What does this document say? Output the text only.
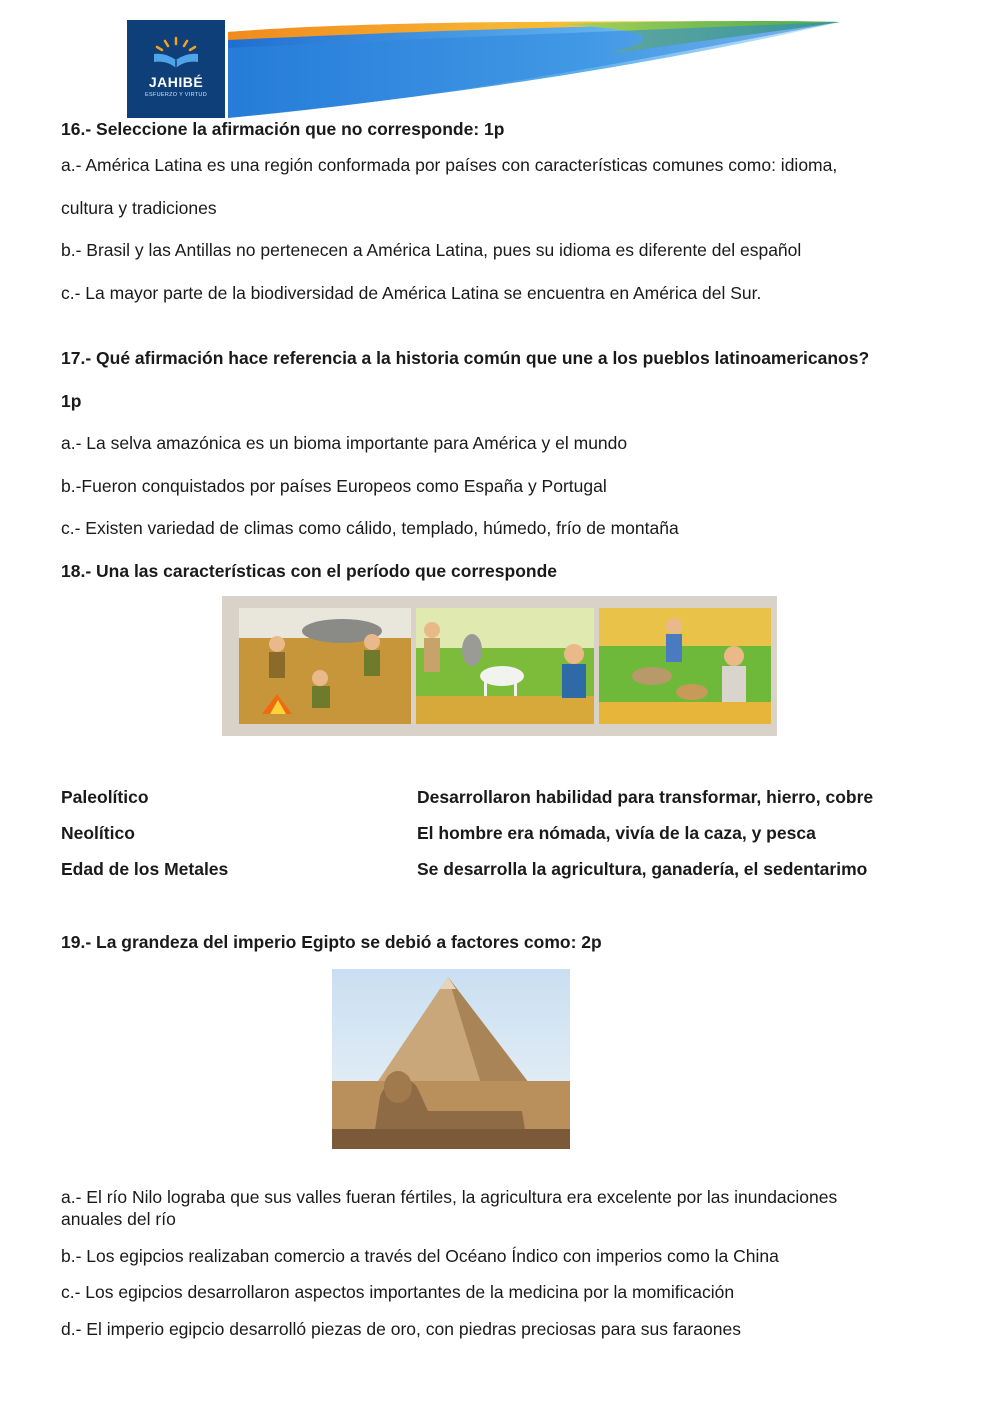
JAHIBÉ
ESFUERZO Y VIRTUD
16.- Seleccione la afirmación que no corresponde: 1p
a.- América Latina es una región conformada por países con características comunes como: idioma,
cultura y tradiciones
b.- Brasil y las Antillas no pertenecen a América Latina, pues su idioma es diferente del español
c.- La mayor parte de la biodiversidad de América Latina se encuentra en América del Sur.
17.- Qué afirmación hace referencia a la historia común que une a los pueblos latinoamericanos?
1p
a.- La selva amazónica es un bioma importante para América y el mundo
b.-Fueron conquistados por países Europeos como España y Portugal
c.- Existen variedad de climas como cálido, templado, húmedo, frío de montaña
18.- Una las características con el período que corresponde
Paleolítico
Neolítico
Edad de los Metales
Desarrollaron habilidad para transformar, hierro, cobre
El hombre era nómada, vivía de la caza, y pesca
Se desarrolla la agricultura, ganadería, el sedentarimo
19.- La grandeza del imperio Egipto se debió a factores como: 2p
a.- El río Nilo lograba que sus valles fueran fértiles, la agricultura era excelente por las inundaciones anuales del río
b.- Los egipcios realizaban comercio a través del Océano Índico con imperios como la China
c.- Los egipcios desarrollaron aspectos importantes de la medicina por la momificación
d.- El imperio egipcio desarrolló piezas de oro, con piedras preciosas para sus faraones
